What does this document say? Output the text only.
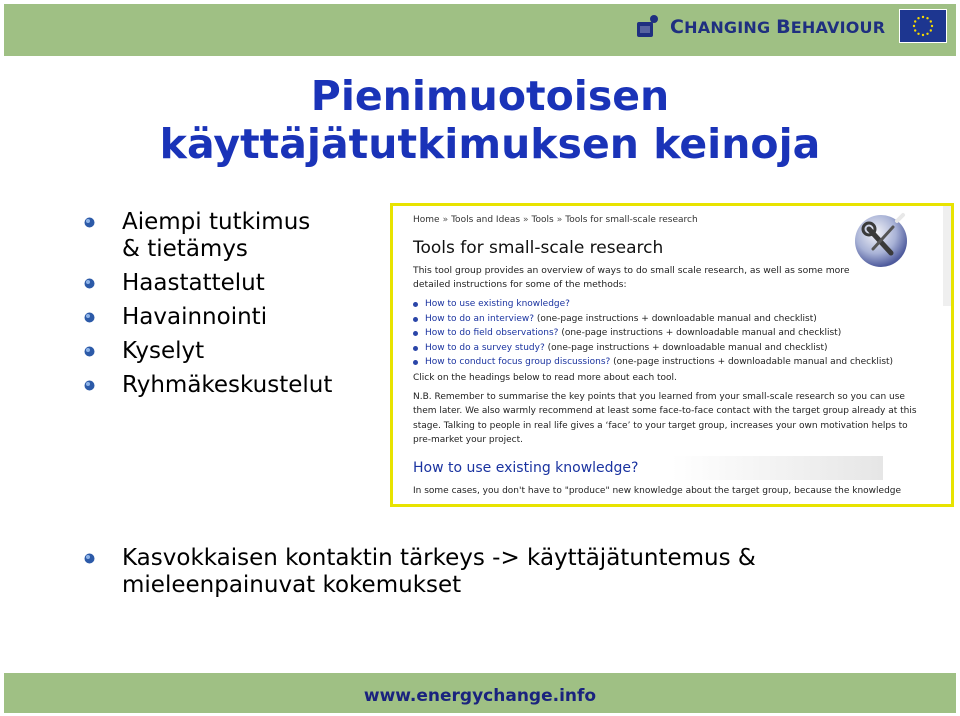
CHANGING BEHAVIOUR
Pienimuotoisen
käyttäjätutkimuksen keinoja
Aiempi tutkimus
& tietämys
Haastattelut
Havainnointi
Kyselyt
Ryhmäkeskustelut
Home » Tools and Ideas » Tools » Tools for small-scale research
Tools for small-scale research
This tool group provides an overview of ways to do small scale research, as well as some more detailed instructions for some of the methods:
How to use existing knowledge?
How to do an interview? (one-page instructions + downloadable manual and checklist)
How to do field observations? (one-page instructions + downloadable manual and checklist)
How to do a survey study? (one-page instructions + downloadable manual and checklist)
How to conduct focus group discussions? (one-page instructions + downloadable manual and checklist)
Click on the headings below to read more about each tool.
N.B. Remember to summarise the key points that you learned from your small-scale research so you can use them later. We also warmly recommend at least some face-to-face contact with the target group already at this stage. Talking to people in real life gives a ‘face’ to your target group, increases your own motivation helps to pre-market your project.
How to use existing knowledge?
In some cases, you don't have to "produce" new knowledge about the target group, because the knowledge
Kasvokkaisen kontaktin tärkeys -> käyttäjätuntemus &
mieleenpainuvat kokemukset
www.energychange.info
